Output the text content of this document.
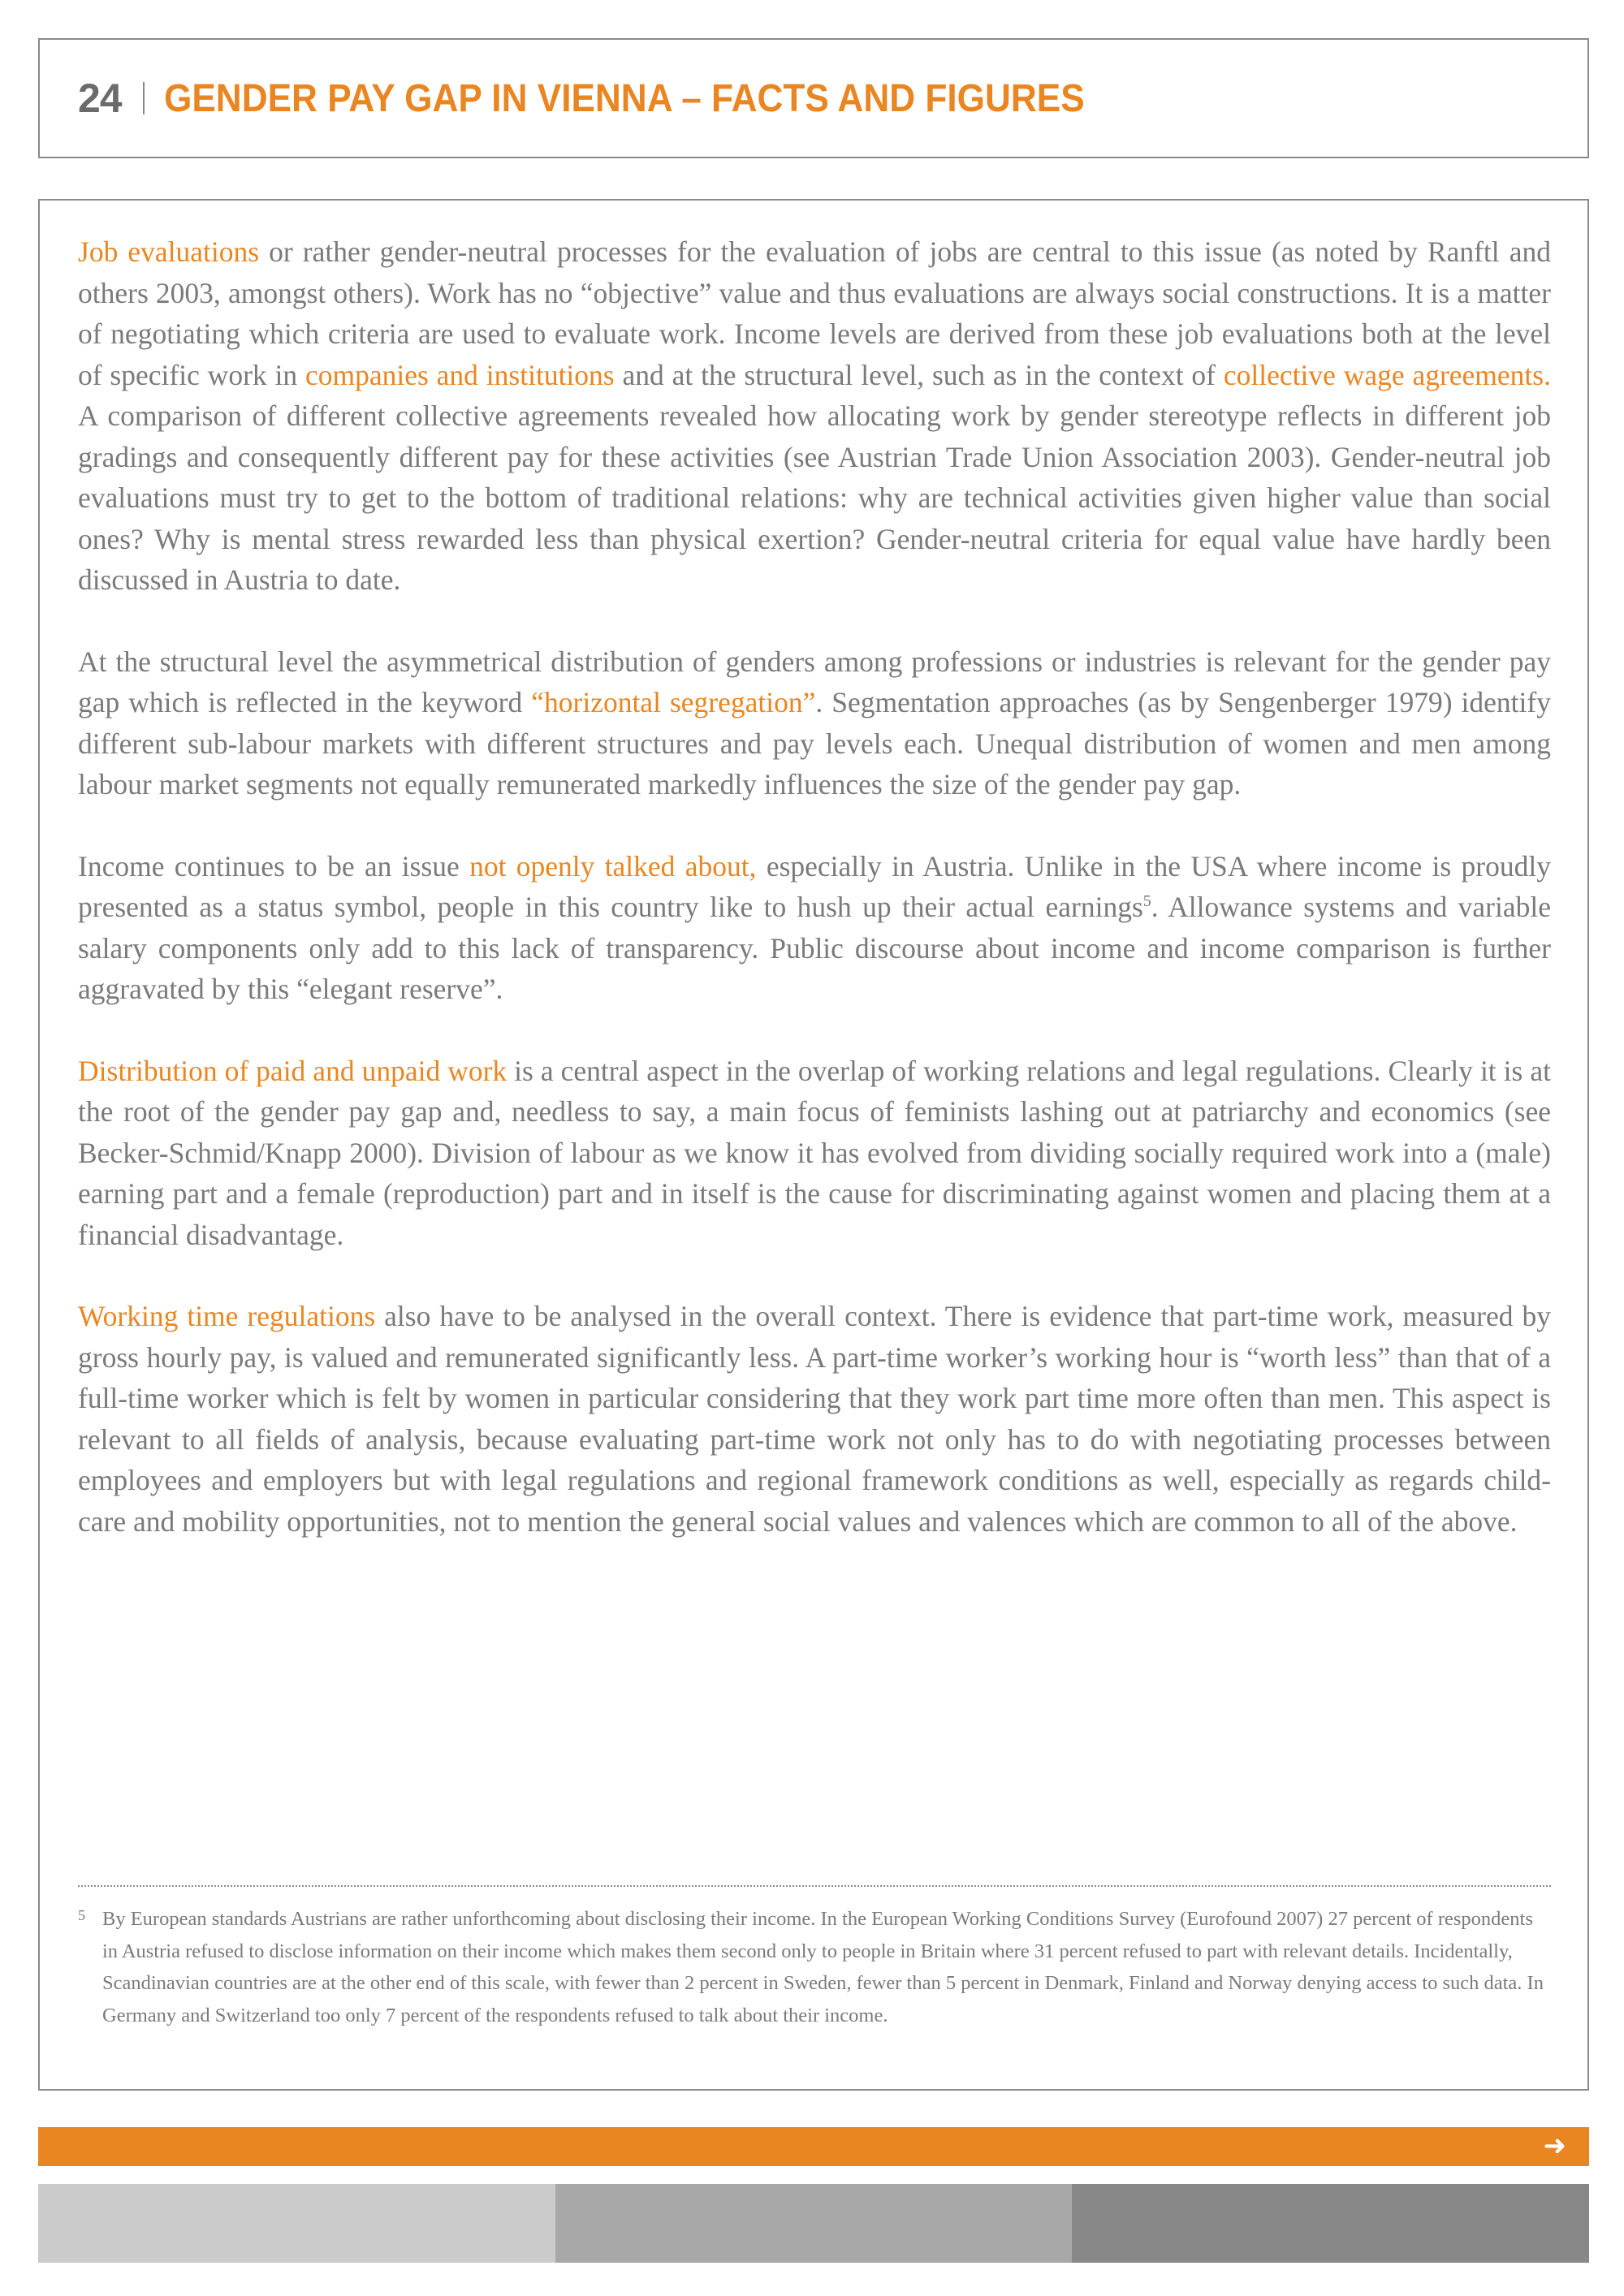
24 GENDER PAY GAP IN VIENNA – FACTS AND FIGURES

Job evaluations or rather gender-neutral processes for the evaluation of jobs are central to this issue (as noted by Ranftl and others 2003, amongst others). Work has no “objective” value and thus evaluations are always social constructions. It is a matter of negotiating which criteria are used to evaluate work. Income levels are derived from these job evaluations both at the level of specific work in companies and institutions and at the structural level, such as in the context of collective wage agreements. A comparison of different collective agreements revealed how allocating work by gender stereotype reflects in different job gradings and consequently different pay for these activities (see Austrian Trade Union Association 2003). Gender-neutral job evaluations must try to get to the bottom of traditional relations: why are technical activities given higher value than social ones? Why is mental stress rewarded less than physical exertion? Gender-neutral criteria for equal value have hardly been discussed in Austria to date.

At the structural level the asymmetrical distribution of genders among professions or industries is relevant for the gender pay gap which is reflected in the keyword “horizontal segregation”. Segmentation approaches (as by Sengenberger 1979) identify different sub-labour markets with different structures and pay levels each. Unequal distribution of women and men among labour market segments not equally remunerated markedly influences the size of the gender pay gap.

Income continues to be an issue not openly talked about, especially in Austria. Unlike in the USA where income is proudly presented as a status symbol, people in this country like to hush up their actual earnings$^5$. Allowance systems and variable salary components only add to this lack of transparency. Public discourse about income and income comparison is further aggravated by this “elegant reserve”.

Distribution of paid and unpaid work is a central aspect in the overlap of working relations and legal regulations. Clearly it is at the root of the gender pay gap and, needless to say, a main focus of feminists lashing out at patriarchy and economics (see Becker-Schmid/Knapp 2000). Division of labour as we know it has evolved from dividing socially required work into a (male) earning part and a female (reproduction) part and in itself is the cause for discriminating against women and placing them at a financial disadvantage.

Working time regulations also have to be analysed in the overall context. There is evidence that part-time work, measured by gross hourly pay, is valued and remunerated significantly less. A part-time worker’s working hour is “worth less” than that of a full-time worker which is felt by women in particular considering that they work part time more often than men. This aspect is relevant to all fields of analysis, because evaluating part-time work not only has to do with negotiating processes between employees and employers but with legal regulations and regional framework conditions as well, especially as regards child-care and mobility opportunities, not to mention the general social values and valences which are common to all of the above.

5 By European standards Austrians are rather unforthcoming about disclosing their income. In the European Working Conditions Survey (Eurofound 2007) 27 percent of respondents in Austria refused to disclose information on their income which makes them second only to people in Britain where 31 percent refused to part with relevant details. Incidentally, Scandinavian countries are at the other end of this scale, with fewer than 2 percent in Sweden, fewer than 5 percent in Denmark, Finland and Norway denying access to such data. In Germany and Switzerland too only 7 percent of the respondents refused to talk about their income.
➜
